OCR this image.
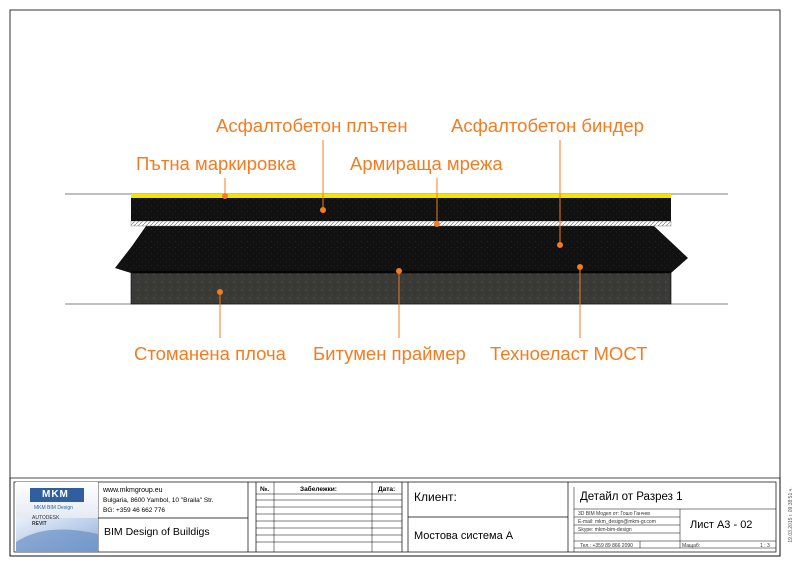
Асфалтобетон плътен Асфалтобетон биндер
Пътна маркировка	Армираща мрежа
Стоманена плоча Битумен праймер Техноеласт МОСТ
MKM
MKM BIM Design
AUTODESK
REVIT
www.mkmgroup.eu
Bulgaria, 8600 Yambol, 10 "Braila" Str.
BG: +359 46 662 776
BIM Design of Buildigs
№.	Забележки:	Дата:
Клиент:
Мостова система А
Детайл от Разрез 1
3D BIM Модел от: Гошо Ганчев
E-mail: mkm_design@mkm-gr.com
Skype: mkm-bim-design
Тел.: +359 89 866 2090
Лист А3 - 02
Мащаб:	1 : 3
19.03.2015 г. 09:38:51 ч.
